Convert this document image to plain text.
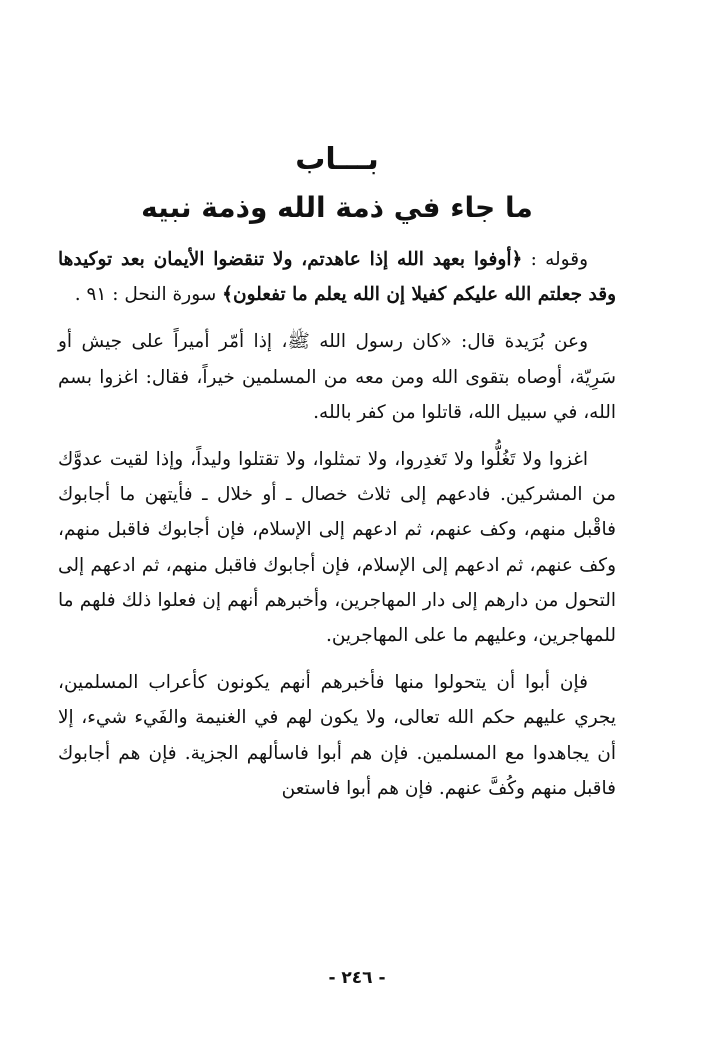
بـــاب
ما جاء في ذمة الله وذمة نبيه

وقوله : ﴿أوفوا بعهد الله إذا عاهدتم، ولا تنقضوا الأيمان بعد توكيدها وقد جعلتم الله عليكم كفيلا إن الله يعلم ما تفعلون﴾ سورة النحل : ٩١ .

وعن بُرَيدة قال: «كان رسول الله ﷺ، إذا أمّر أميراً على جيش أو سَرِيّة، أوصاه بتقوى الله ومن معه من المسلمين خيراً، فقال: اغزوا بسم الله، في سبيل الله، قاتلوا من كفر بالله.

اغزوا ولا تَغُلُّوا ولا تَغدِروا، ولا تمثلوا، ولا تقتلوا وليداً، وإذا لقيت عدوَّك من المشركين. فادعهم إلى ثلاث خصال ـ أو خلال ـ فأيتهن ما أجابوك فاقْبل منهم، وكف عنهم، ثم ادعهم إلى الإسلام، فإن أجابوك فاقبل منهم، وكف عنهم، ثم ادعهم إلى الإسلام، فإن أجابوك فاقبل منهم، ثم ادعهم إلى التحول من دارهم إلى دار المهاجرين، وأخبرهم أنهم إن فعلوا ذلك فلهم ما للمهاجرين، وعليهم ما على المهاجرين.

فإن أبوا أن يتحولوا منها فأخبرهم أنهم يكونون كأعراب المسلمين، يجري عليهم حكم الله تعالى، ولا يكون لهم في الغنيمة والفَيء شيء، إلا أن يجاهدوا مع المسلمين. فإن هم أبوا فاسألهم الجزية. فإن هم أجابوك فاقبل منهم وكُفَّ عنهم. فإن هم أبوا فاستعن

- ٢٤٦ -
